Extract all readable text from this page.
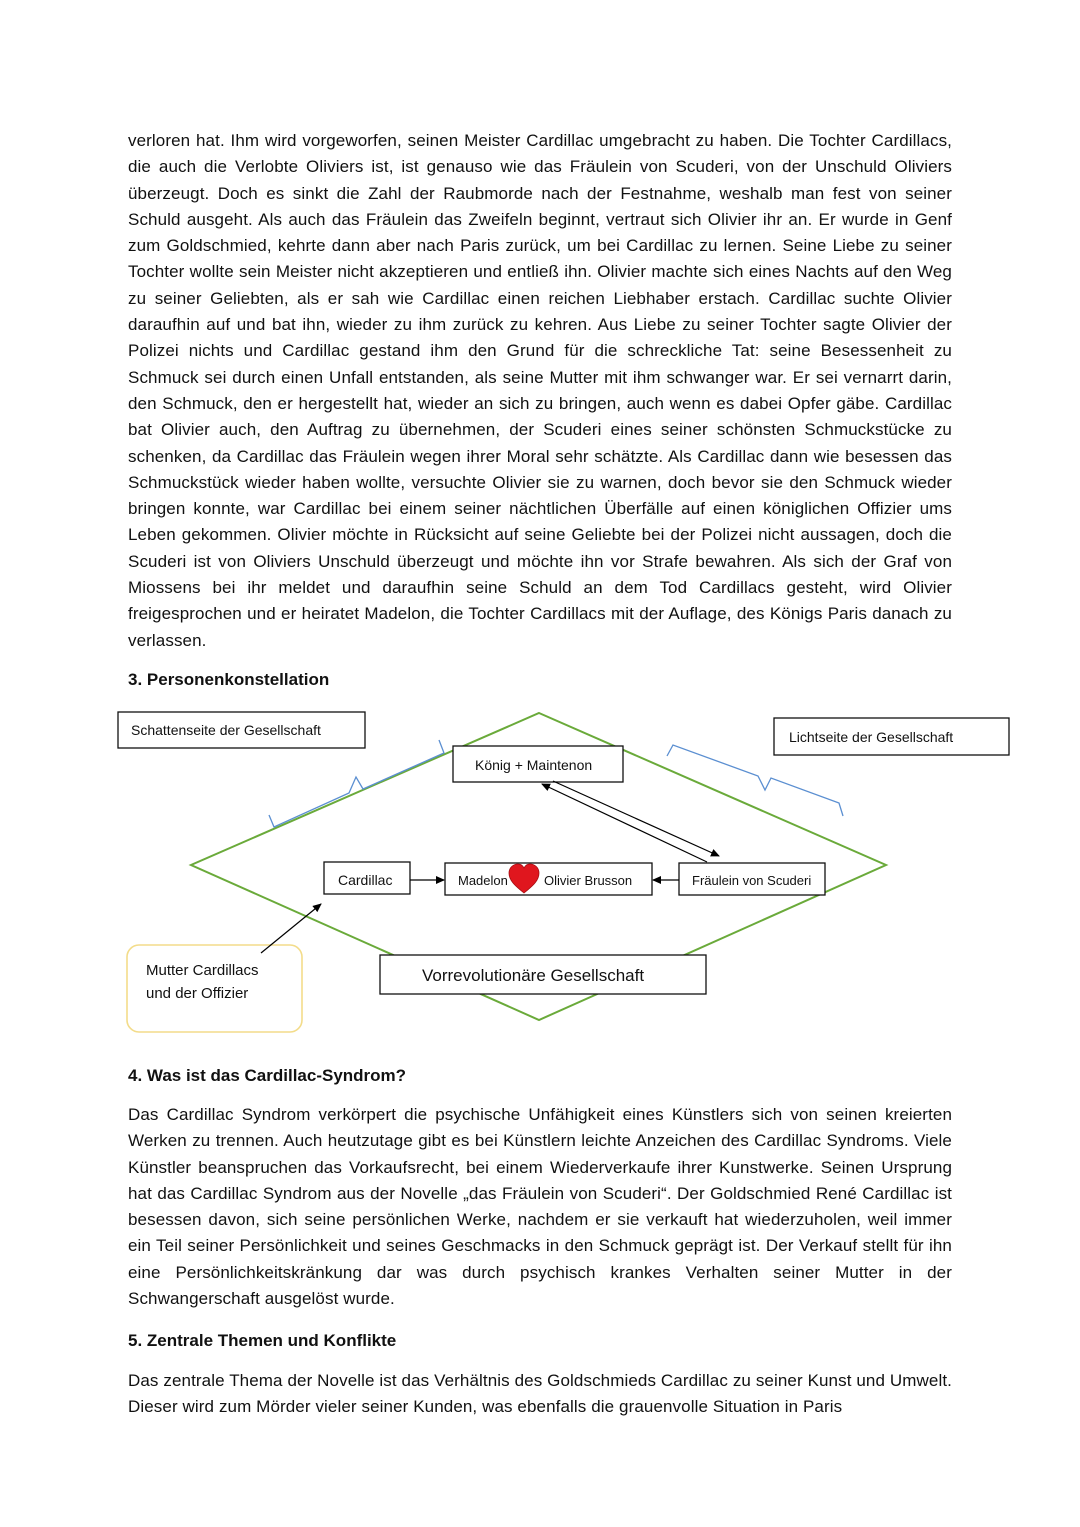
verloren hat. Ihm wird vorgeworfen, seinen Meister Cardillac umgebracht zu haben. Die Tochter Cardillacs, die auch die Verlobte Oliviers ist, ist genauso wie das Fräulein von Scuderi, von der Unschuld Oliviers überzeugt. Doch es sinkt die Zahl der Raubmorde nach der Festnahme, weshalb man fest von seiner Schuld ausgeht. Als auch das Fräulein das Zweifeln beginnt, vertraut sich Olivier ihr an. Er wurde in Genf zum Goldschmied, kehrte dann aber nach Paris zurück, um bei Cardillac zu lernen. Seine Liebe zu seiner Tochter wollte sein Meister nicht akzeptieren und entließ ihn. Olivier machte sich eines Nachts auf den Weg zu seiner Geliebten, als er sah wie Cardillac einen reichen Liebhaber erstach. Cardillac suchte Olivier daraufhin auf und bat ihn, wieder zu ihm zurück zu kehren. Aus Liebe zu seiner Tochter sagte Olivier der Polizei nichts und Cardillac gestand ihm den Grund für die schreckliche Tat: seine Besessenheit zu Schmuck sei durch einen Unfall entstanden, als seine Mutter mit ihm schwanger war. Er sei vernarrt darin, den Schmuck, den er hergestellt hat, wieder an sich zu bringen, auch wenn es dabei Opfer gäbe. Cardillac bat Olivier auch, den Auftrag zu übernehmen, der Scuderi eines seiner schönsten Schmuckstücke zu schenken, da Cardillac das Fräulein wegen ihrer Moral sehr schätzte. Als Cardillac dann wie besessen das Schmuckstück wieder haben wollte, versuchte Olivier sie zu warnen, doch bevor sie den Schmuck wieder bringen konnte, war Cardillac bei einem seiner nächtlichen Überfälle auf einen königlichen Offizier ums Leben gekommen. Olivier möchte in Rücksicht auf seine Geliebte bei der Polizei nicht aussagen, doch die Scuderi ist von Oliviers Unschuld überzeugt und möchte ihn vor Strafe bewahren. Als sich der Graf von Miossens bei ihr meldet und daraufhin seine Schuld an dem Tod Cardillacs gesteht, wird Olivier freigesprochen und er heiratet Madelon, die Tochter Cardillacs mit der Auflage, des Königs Paris danach zu verlassen.

3. Personenkonstellation
Schattenseite der Gesellschaft	Lichtseite der Gesellschaft
König + Maintenon
Cardillac	Madelon	Olivier Brusson	Fräulein von Scuderi
Vorrevolutionäre Gesellschaft
Mutter Cardillacs
und der Offizier
4. Was ist das Cardillac-Syndrom?

Das Cardillac Syndrom verkörpert die psychische Unfähigkeit eines Künstlers sich von seinen kreierten Werken zu trennen. Auch heutzutage gibt es bei Künstlern leichte Anzeichen des Cardillac Syndroms. Viele Künstler beanspruchen das Vorkaufsrecht, bei einem Wiederverkaufe ihrer Kunstwerke. Seinen Ursprung hat das Cardillac Syndrom aus der Novelle „das Fräulein von Scuderi“. Der Goldschmied René Cardillac ist besessen davon, sich seine persönlichen Werke, nachdem er sie verkauft hat wiederzuholen, weil immer ein Teil seiner Persönlichkeit und seines Geschmacks in den Schmuck geprägt ist. Der Verkauf stellt für ihn eine Persönlichkeitskränkung dar was durch psychisch krankes Verhalten seiner Mutter in der Schwangerschaft ausgelöst wurde.

5. Zentrale Themen und Konflikte

Das zentrale Thema der Novelle ist das Verhältnis des Goldschmieds Cardillac zu seiner Kunst und Umwelt. Dieser wird zum Mörder vieler seiner Kunden, was ebenfalls die grauenvolle Situation in Paris
